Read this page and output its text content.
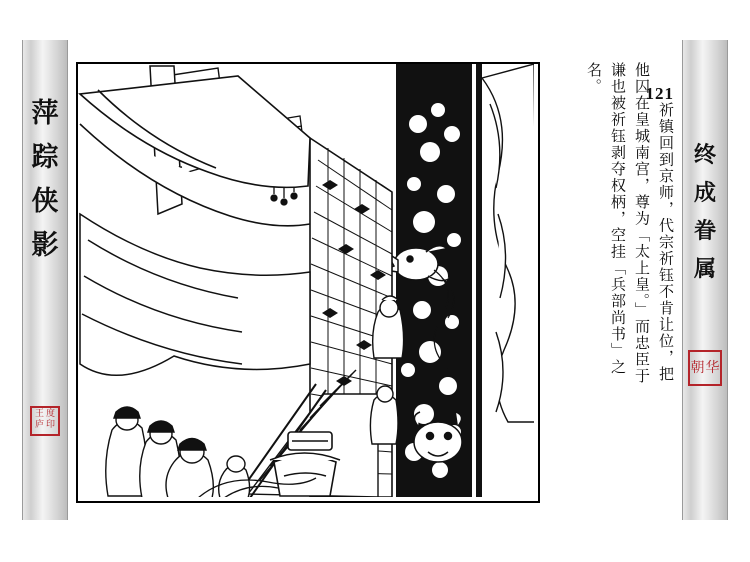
萍
踪
侠
影
王 度
庐 印
121
祈镇回到京师，代宗祈钰不肯让位，把
他囚在皇城南宫，尊为「太上皇。」而忠臣于
谦也被祈钰剥夺权柄，空挂「兵部尚书」之
名。
终
成
眷
属
朝 华
